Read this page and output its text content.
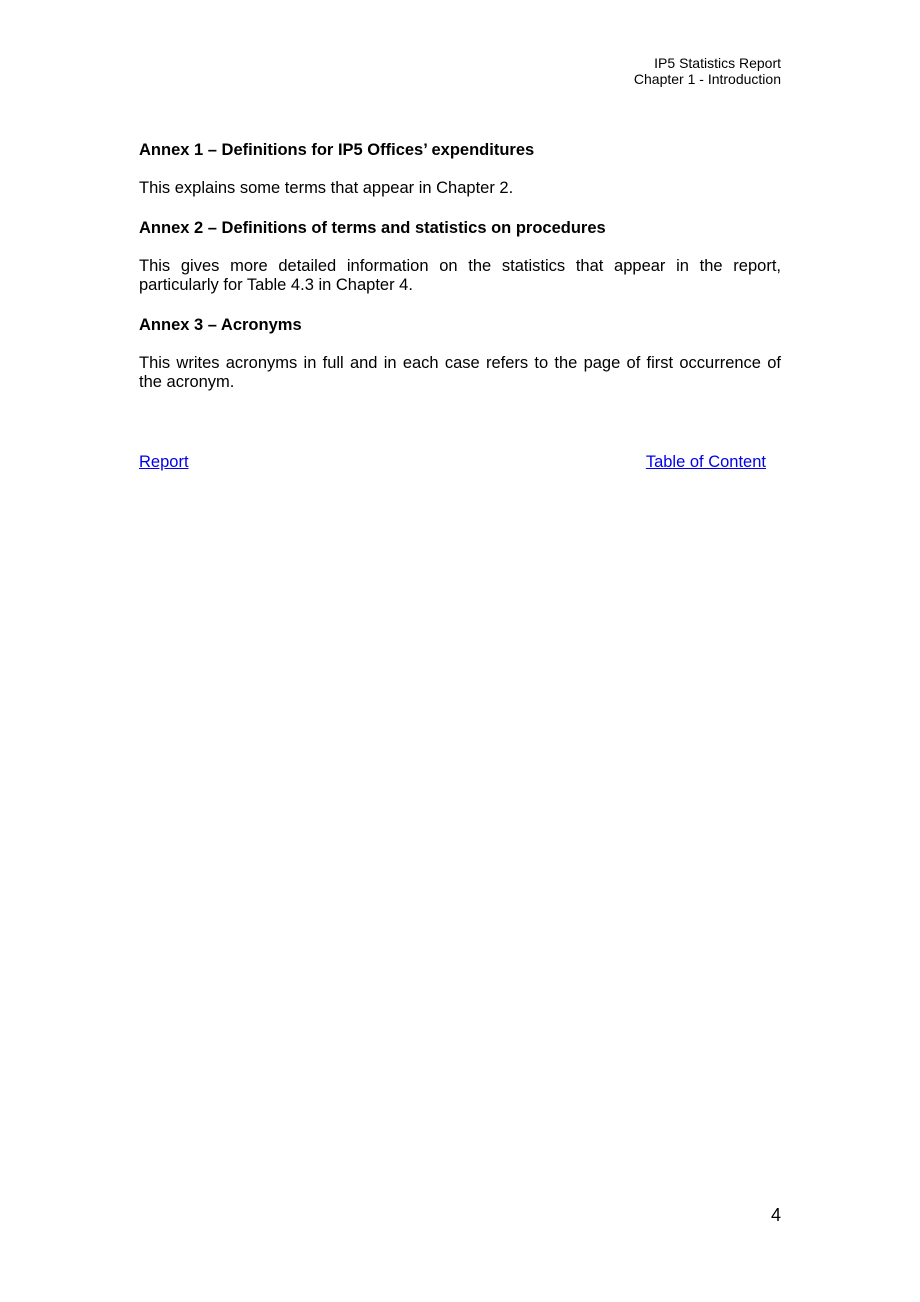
IP5 Statistics Report
Chapter 1 - Introduction
Annex 1 – Definitions for IP5 Offices’ expenditures
This explains some terms that appear in Chapter 2.
Annex 2 – Definitions of terms and statistics on procedures
This gives more detailed information on the statistics that appear in the report, particularly for Table 4.3 in Chapter 4.
Annex 3 – Acronyms
This writes acronyms in full and in each case refers to the page of first occurrence of the acronym.
Report	Table of Content
4
